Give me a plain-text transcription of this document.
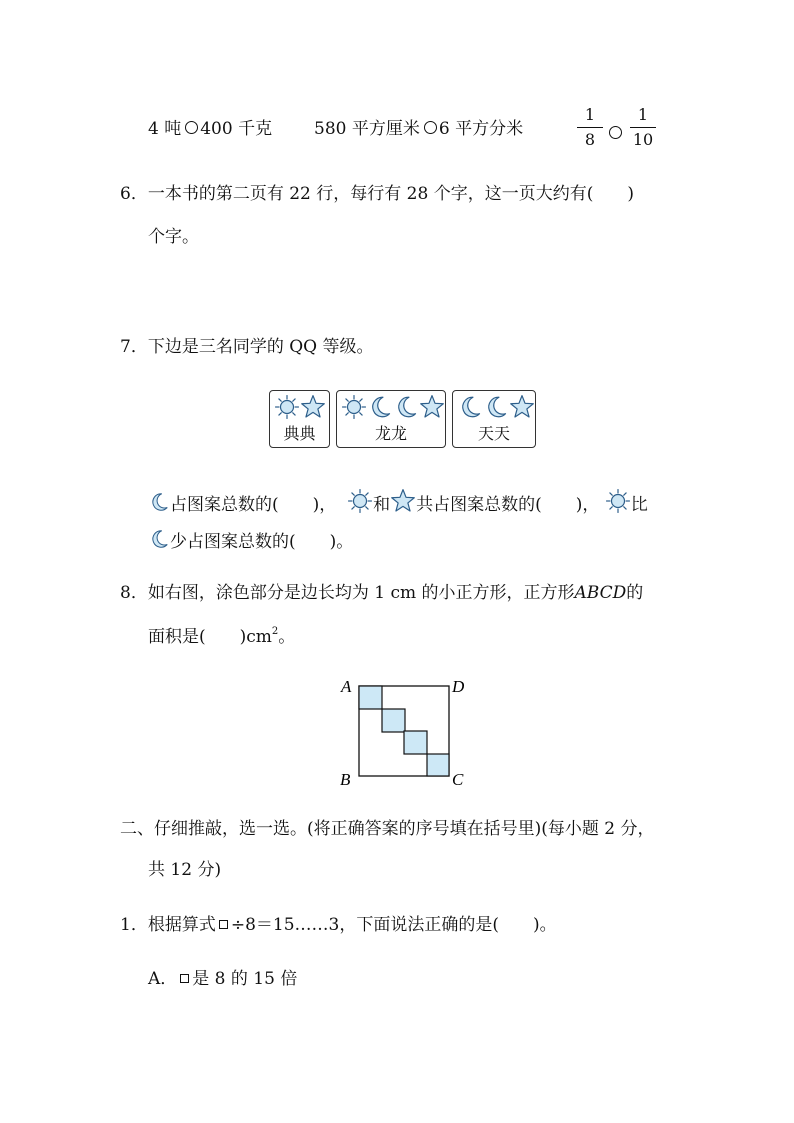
4 吨 400 千克 580 平方厘米 6 平方分米
1
8
1
10
6．一本书的第二页有 22 行，每行有 28 个字，这一页大约有(　　)
个字。
7．下边是三名同学的 QQ 等级。
典典	龙龙	天天
占图案总数的(　　)， 和 共占图案总数的(　　)， 比
少占图案总数的(　　)。
8．如右图，涂色部分是边长均为 1 cm 的小正方形，正方形ABCD的
面积是(　　)$cm^2$。
A	D
B	C
二、仔细推敲，选一选。(将正确答案的序号填在括号里)(每小题 2 分，
共 12 分)
1．根据算式 ÷8＝15……3，下面说法正确的是(　　)。
A． 是 8 的 15 倍
